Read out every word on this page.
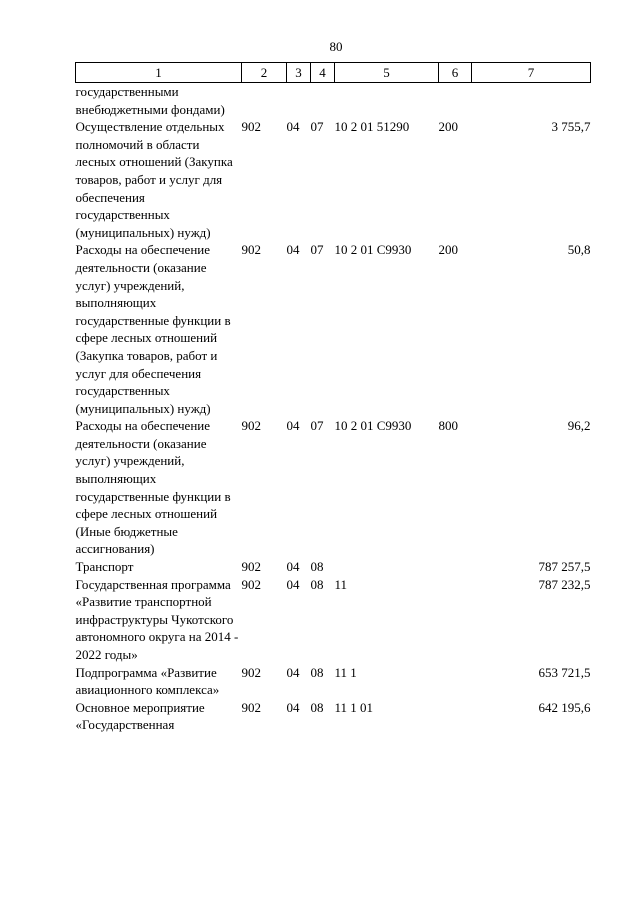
80
1	2	3	4	5	6	7
государственными внебюджетными фондами)						
Осуществление отдельных полномочий в области лесных отношений (Закупка товаров, работ и услуг для обеспечения государственных (муниципальных) нужд)	902	04	07	10 2 01 51290	200	3 755,7
Расходы на обеспечение деятельности (оказание услуг) учреждений, выполняющих государственные функции в сфере лесных отношений (Закупка товаров, работ и услуг для обеспечения государственных (муниципальных) нужд)	902	04	07	10 2 01 С9930	200	50,8
Расходы на обеспечение деятельности (оказание услуг) учреждений, выполняющих государственные функции в сфере лесных отношений (Иные бюджетные ассигнования)	902	04	07	10 2 01 С9930	800	96,2
Транспорт	902	04	08			787 257,5
Государственная программа «Развитие транспортной инфраструктуры Чукотского автономного округа на 2014 - 2022 годы»	902	04	08	11		787 232,5
Подпрограмма «Развитие авиационного комплекса»	902	04	08	11 1		653 721,5
Основное мероприятие «Государственная	902	04	08	11 1 01		642 195,6
